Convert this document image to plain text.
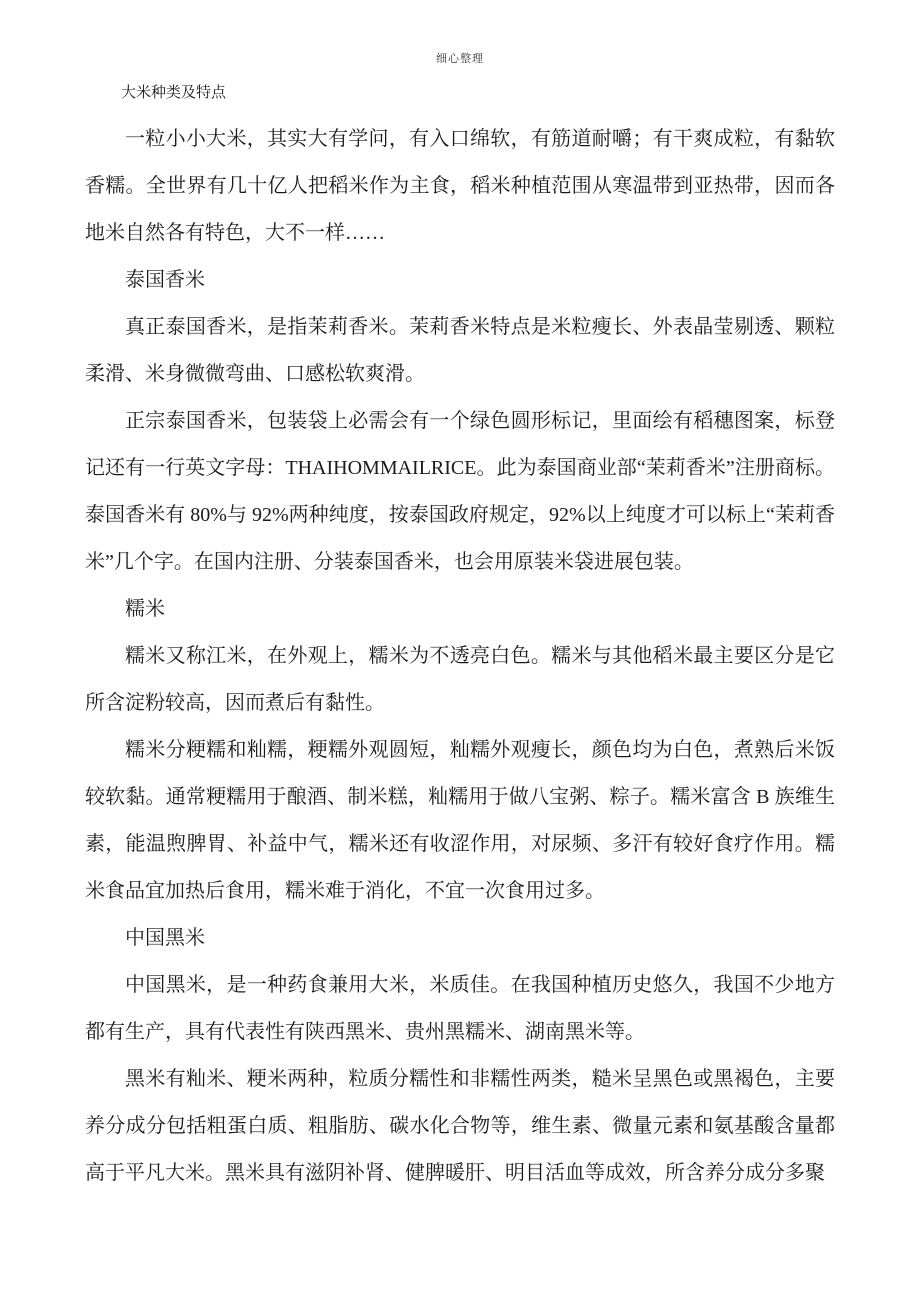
细心整理
大米种类及特点

一粒小小大米，其实大有学问，有入口绵软，有筋道耐嚼；有干爽成粒，有黏软香糯。全世界有几十亿人把稻米作为主食，稻米种植范围从寒温带到亚热带，因而各地米自然各有特色，大不一样……

泰国香米

真正泰国香米，是指茉莉香米。茉莉香米特点是米粒瘦长、外表晶莹剔透、颗粒柔滑、米身微微弯曲、口感松软爽滑。

正宗泰国香米，包装袋上必需会有一个绿色圆形标记，里面绘有稻穗图案，标登记还有一行英文字母：THAIHOMMAILRICE。此为泰国商业部“茉莉香米”注册商标。泰国香米有 80%与 92%两种纯度，按泰国政府规定，92%以上纯度才可以标上“茉莉香米”几个字。在国内注册、分装泰国香米，也会用原装米袋进展包装。

糯米

糯米又称江米，在外观上，糯米为不透亮白色。糯米与其他稻米最主要区分是它所含淀粉较高，因而煮后有黏性。

糯米分粳糯和籼糯，粳糯外观圆短，籼糯外观瘦长，颜色均为白色，煮熟后米饭较软黏。通常粳糯用于酿酒、制米糕，籼糯用于做八宝粥、粽子。糯米富含 B 族维生素，能温煦脾胃、补益中气，糯米还有收涩作用，对尿频、多汗有较好食疗作用。糯米食品宜加热后食用，糯米难于消化，不宜一次食用过多。

中国黑米

中国黑米，是一种药食兼用大米，米质佳。在我国种植历史悠久，我国不少地方都有生产，具有代表性有陕西黑米、贵州黑糯米、湖南黑米等。

黑米有籼米、粳米两种，粒质分糯性和非糯性两类，糙米呈黑色或黑褐色，主要养分成分包括粗蛋白质、粗脂肪、碳水化合物等，维生素、微量元素和氨基酸含量都高于平凡大米。黑米具有滋阴补肾、健脾暖肝、明目活血等成效，所含养分成分多聚
